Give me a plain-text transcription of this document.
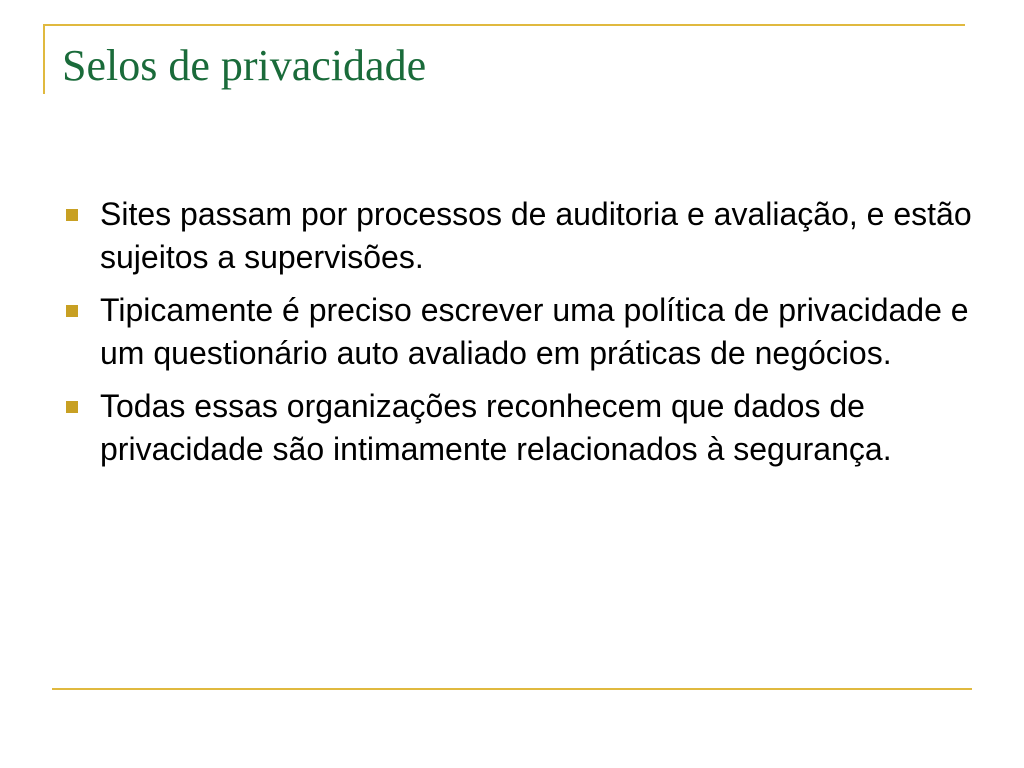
Selos de privacidade
Sites passam por processos de auditoria e avaliação, e estão sujeitos a supervisões.
Tipicamente é preciso escrever uma política de privacidade e um questionário auto avaliado em práticas de negócios.
Todas essas organizações reconhecem que dados de privacidade são intimamente relacionados à segurança.
